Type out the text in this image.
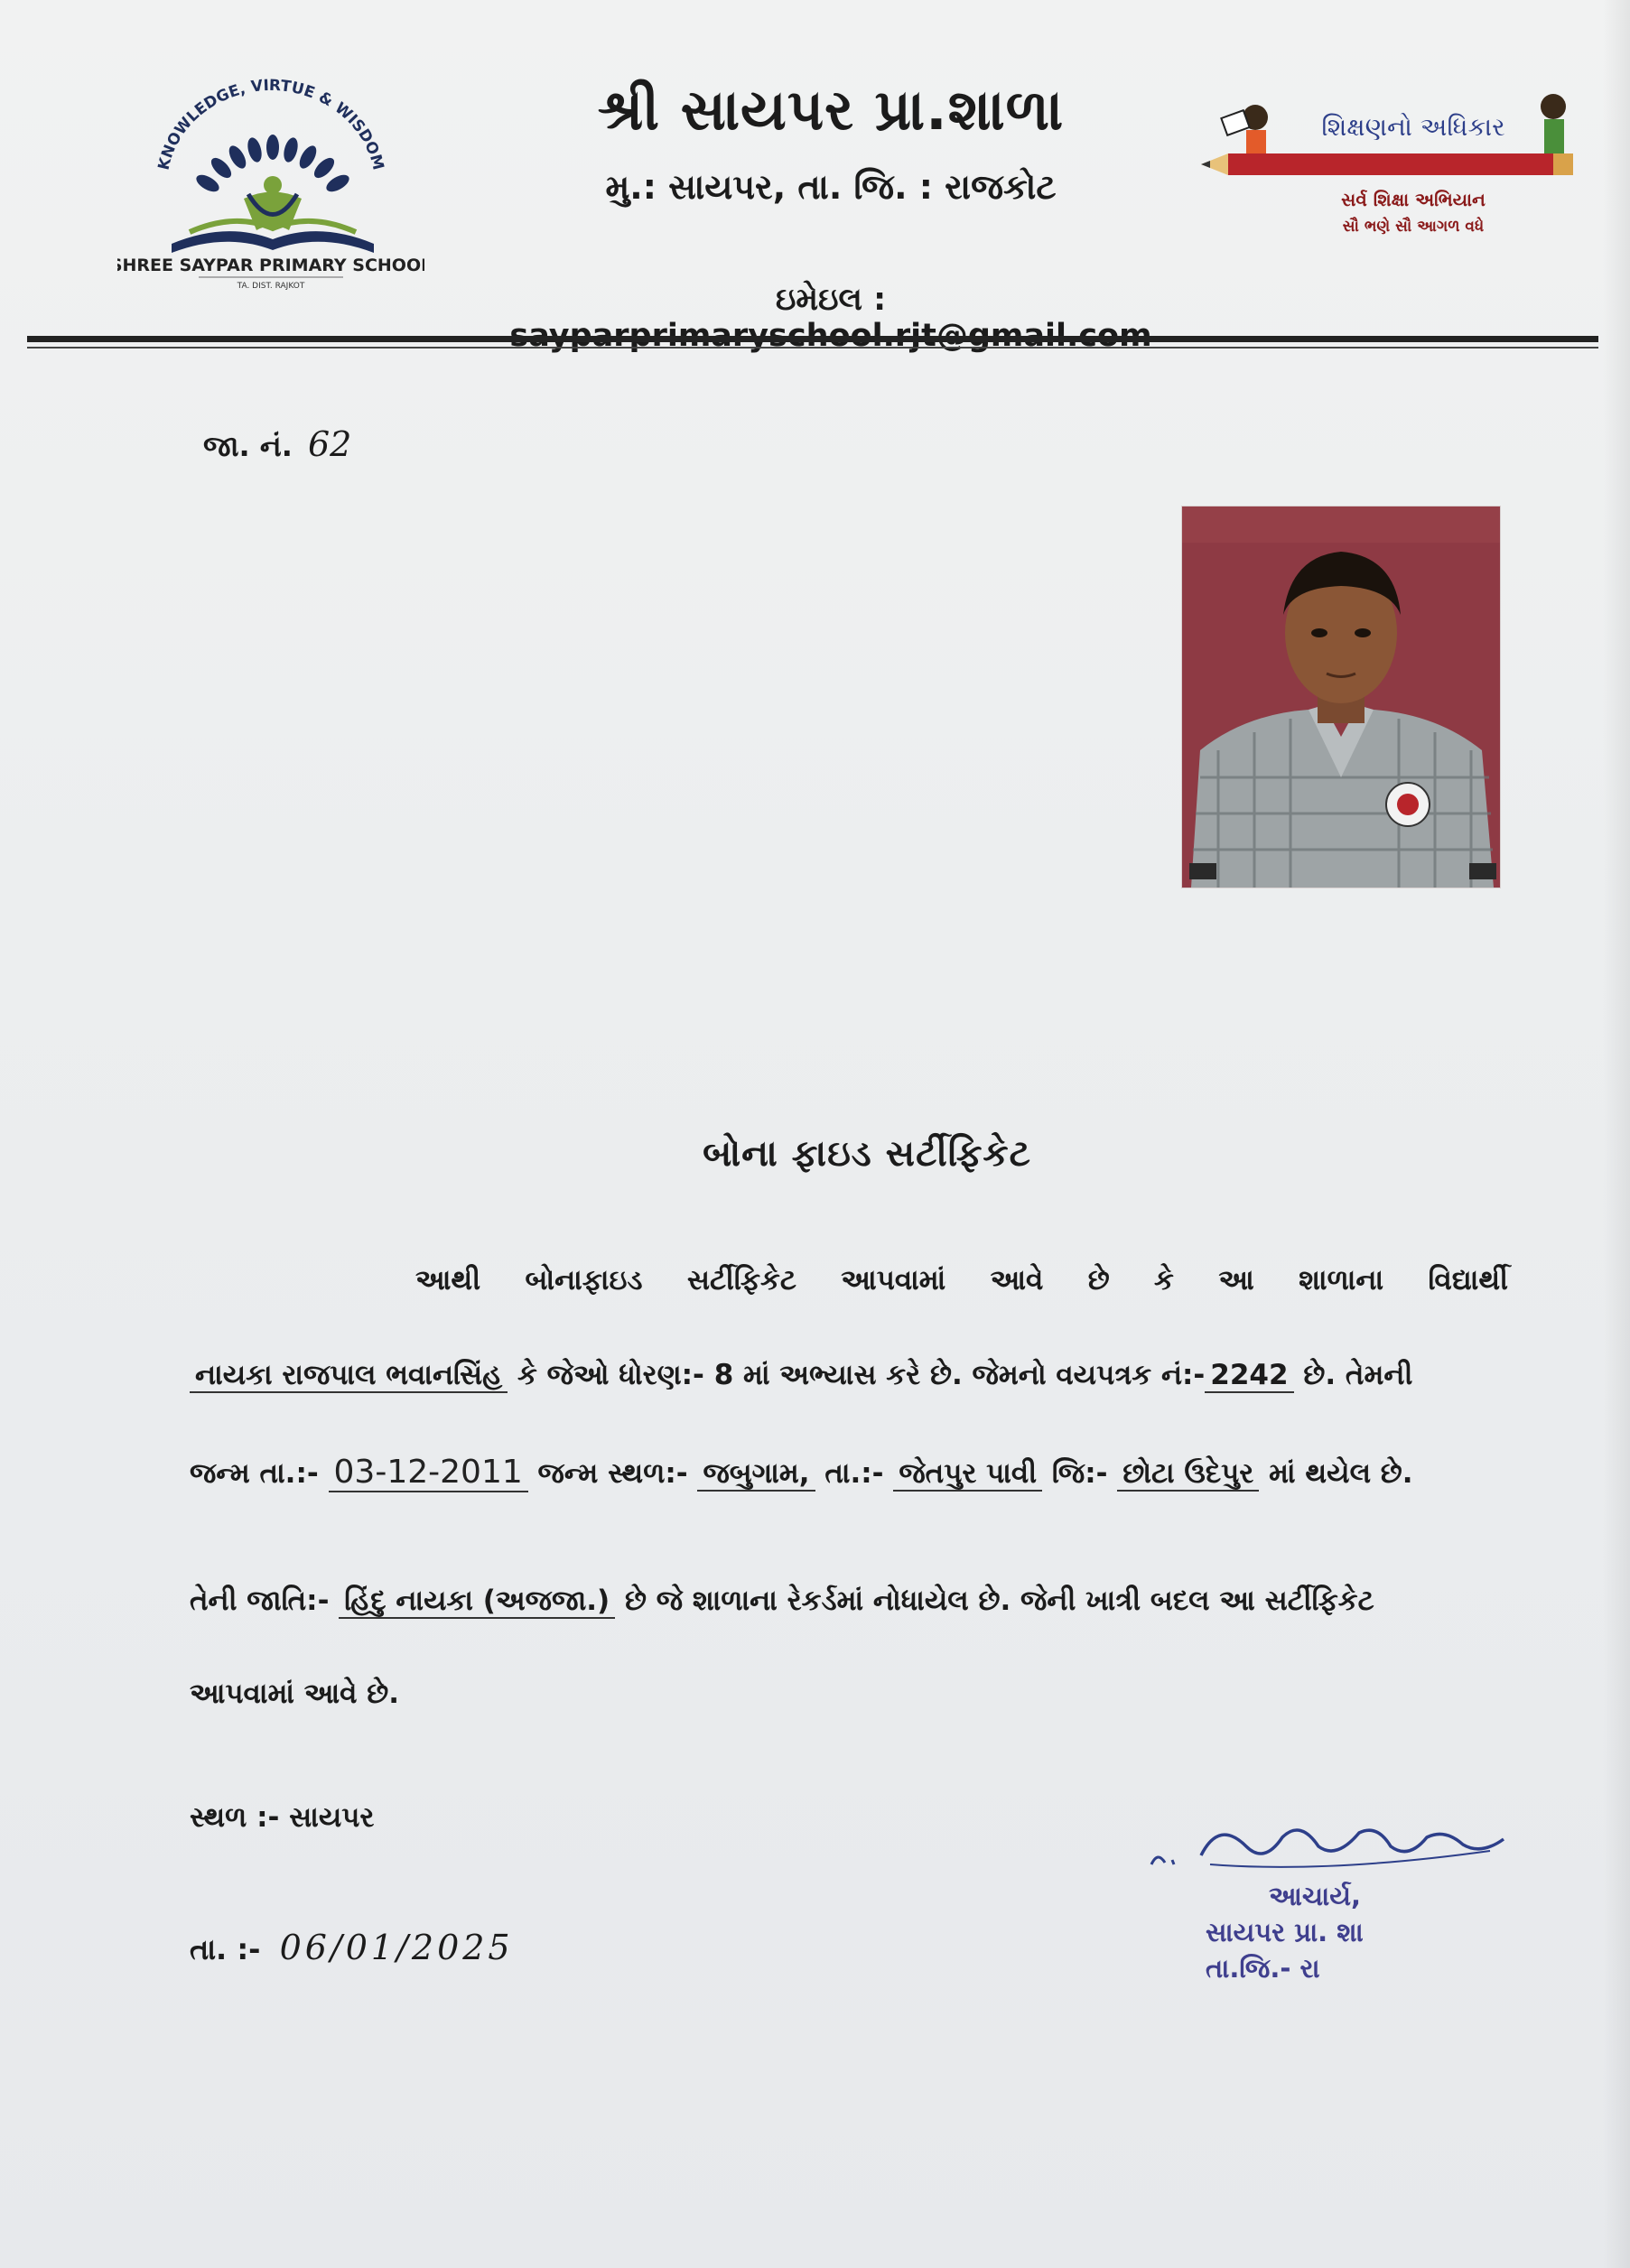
KNOWLEDGE, VIRTUE & WISDOM
SHREE SAYPAR PRIMARY SCHOOL
TA. DIST. RAJKOT
શ્રી સાયપર પ્રા.શાળા
મુ.: સાયપર, તા. જિ. : રાજકોટ
ઇમેઇલ :
શિક્ષણનો અધિકાર
સર્વ શિક્ષા અભિયાન
સૌ ભણે સૌ આગળ વધે
જા. નં. 62
બોના ફાઇડ સર્ટીફિકેટ
આથી બોનાફાઇડ સર્ટીફિકેટ આપવામાં આવે છે કે આ શાળાના વિદ્યાર્થી
નાયકા રાજપાલ ભવાનસિંહ કે જેઓ ધોરણ:- 8 માં અભ્યાસ કરે છે. જેમનો વયપત્રક નં:- 2242 છે. તેમની
જન્મ તા.:- 03-12-2011 જન્મ સ્થળ:- જબુગામ, તા.:- જેતપુર પાવી જિ:- છોટા ઉદેપુર માં થયેલ છે.
તેની જાતિ:- હિંદુ નાયકા (અજજા.) છે જે શાળાના રેકર્ડમાં નોધાયેલ છે. જેની ખાત્રી બદલ આ સર્ટીફિકેટ
આપવામાં આવે છે.
સ્થળ :- સાયપર
તા. :- 06/01/2025
આચાર્ય,
સાયપર પ્રા. શા
તા.જિ.- રા
